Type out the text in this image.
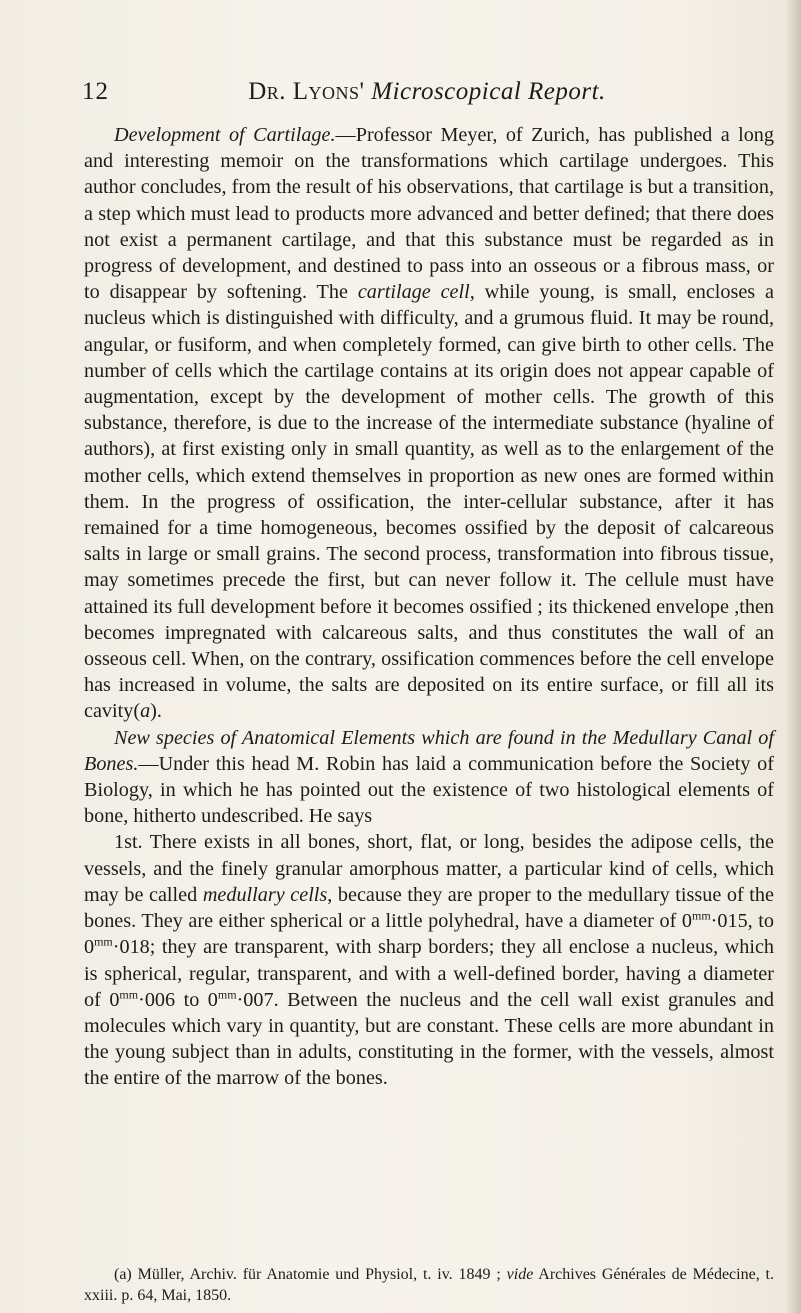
12	Dr. Lyons' Microscopical Report.

Development of Cartilage.—Professor Meyer, of Zurich, has published a long and interesting memoir on the transformations which cartilage undergoes. This author concludes, from the result of his observations, that cartilage is but a transition, a step which must lead to products more advanced and better defined; that there does not exist a permanent cartilage, and that this substance must be regarded as in progress of development, and destined to pass into an osseous or a fibrous mass, or to disappear by softening. The cartilage cell, while young, is small, encloses a nucleus which is distinguished with difficulty, and a grumous fluid. It may be round, angular, or fusiform, and when completely formed, can give birth to other cells. The number of cells which the cartilage contains at its origin does not appear capable of augmentation, except by the development of mother cells. The growth of this substance, therefore, is due to the increase of the intermediate substance (hyaline of authors), at first existing only in small quantity, as well as to the enlargement of the mother cells, which extend themselves in proportion as new ones are formed within them. In the progress of ossification, the inter-cellular substance, after it has remained for a time homogeneous, becomes ossified by the deposit of calcareous salts in large or small grains. The second process, transformation into fibrous tissue, may sometimes precede the first, but can never follow it. The cellule must have attained its full development before it becomes ossified ; its thickened envelope ,then becomes impregnated with calcareous salts, and thus constitutes the wall of an osseous cell. When, on the contrary, ossification commences before the cell envelope has increased in volume, the salts are deposited on its entire surface, or fill all its cavity(a).

New species of Anatomical Elements which are found in the Medullary Canal of Bones.—Under this head M. Robin has laid a communication before the Society of Biology, in which he has pointed out the existence of two histological elements of bone, hitherto undescribed. He says

1st. There exists in all bones, short, flat, or long, besides the adipose cells, the vessels, and the finely granular amorphous matter, a particular kind of cells, which may be called medullary cells, because they are proper to the medullary tissue of the bones. They are either spherical or a little polyhedral, have a diameter of $0^{mm}\cdot 015$, to $0^{mm}\cdot 018$; they are transparent, with sharp borders; they all enclose a nucleus, which is spherical, regular, transparent, and with a well-defined border, having a diameter of $0^{mm}\cdot 006$ to $0^{mm}\cdot 007$. Between the nucleus and the cell wall exist granules and molecules which vary in quantity, but are constant. These cells are more abundant in the young subject than in adults, constituting in the former, with the vessels, almost the entire of the marrow of the bones.

(a) Müller, Archiv. für Anatomie und Physiol, t. iv. 1849 ; vide Archives Générales de Médecine, t. xxiii. p. 64, Mai, 1850.
